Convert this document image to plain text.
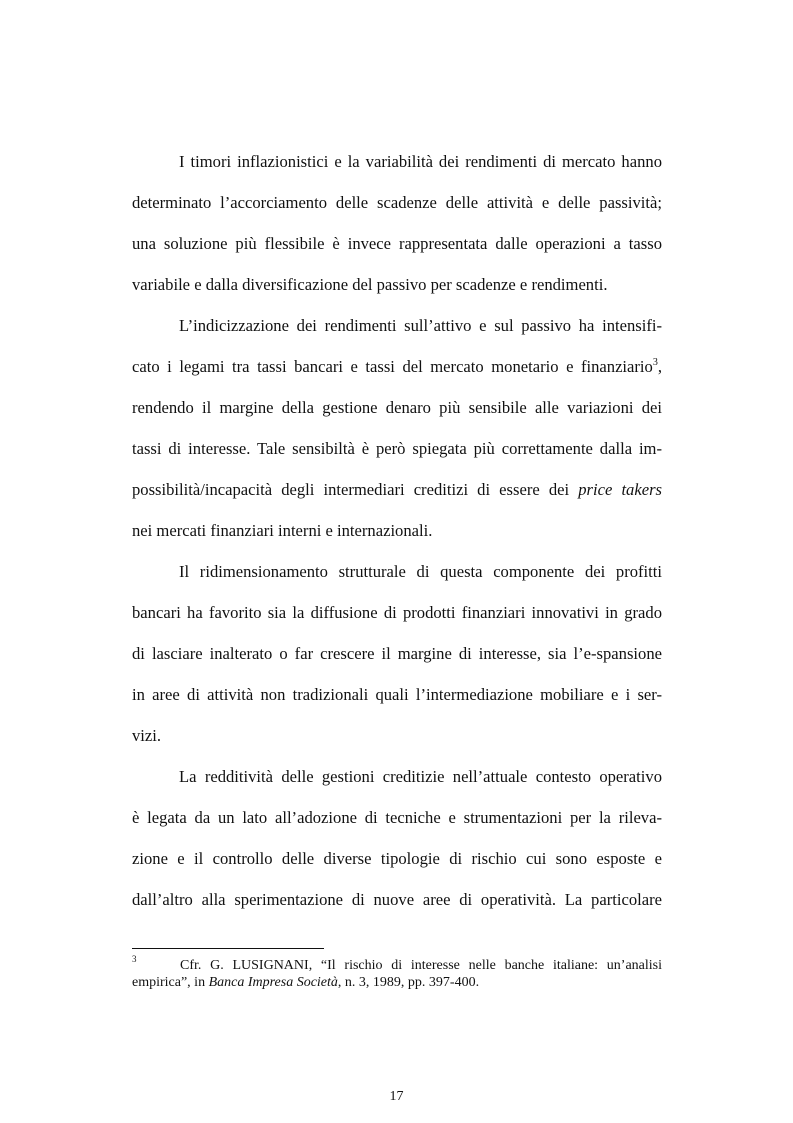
I timori inflazionistici e la variabilità dei rendimenti di mercato hanno
determinato l’accorciamento delle scadenze delle attività e delle passività;
una soluzione più flessibile è invece rappresentata dalle operazioni a tasso
variabile e dalla diversificazione del passivo per scadenze e rendimenti.
L’indicizzazione dei rendimenti sull’attivo e sul passivo ha intensifi-
cato i legami tra tassi bancari e tassi del mercato monetario e finanziario$^3$,
rendendo il margine della gestione denaro più sensibile alle variazioni dei
tassi di interesse. Tale sensibiltà è però spiegata più correttamente dalla im-
possibilità/incapacità degli intermediari creditizi di essere dei price takers
nei mercati finanziari interni e internazionali.
Il ridimensionamento strutturale di questa componente dei profitti
bancari ha favorito sia la diffusione di prodotti finanziari innovativi in grado
di lasciare inalterato o far crescere il margine di interesse, sia l’e-spansione
in aree di attività non tradizionali quali l’intermediazione mobiliare e i ser-
vizi.
La redditività delle gestioni creditizie nell’attuale contesto operativo
è legata da un lato all’adozione di tecniche e strumentazioni per la rileva-
zione e il controllo delle diverse tipologie di rischio cui sono esposte e
dall’altro alla sperimentazione di nuove aree di operatività. La particolare
$^3$	Cfr. G. LUSIGNANI, “Il rischio di interesse nelle banche italiane: un’analisi
empirica”, in Banca Impresa Società, n. 3, 1989, pp. 397-400.
17
